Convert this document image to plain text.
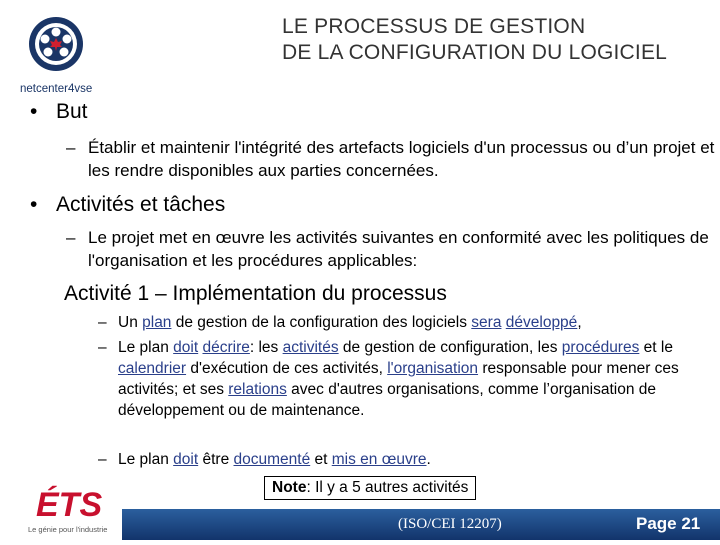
netcenter4vse
LE PROCESSUS DE GESTION
DE LA CONFIGURATION DU LOGICIEL
• But
– Établir et maintenir l'intégrité des artefacts logiciels d'un processus ou d’un projet et les rendre disponibles aux parties concernées.
• Activités et tâches
– Le projet met en œuvre les activités suivantes en conformité avec les politiques de l'organisation et les procédures applicables:
Activité 1 – Implémentation du processus
– Un plan de gestion de la configuration des logiciels sera développé,
– Le plan doit décrire: les activités de gestion de configuration, les procédures et le calendrier d'exécution de ces activités, l'organisation responsable pour mener ces activités; et ses relations avec d'autres organisations, comme l’organisation de développement ou de maintenance.
– Le plan doit être documenté et mis en œuvre.
ÉTS
Le génie pour l'industrie
Note: Il y a 5 autres activités
(ISO/CEI 12207)	Page 21
